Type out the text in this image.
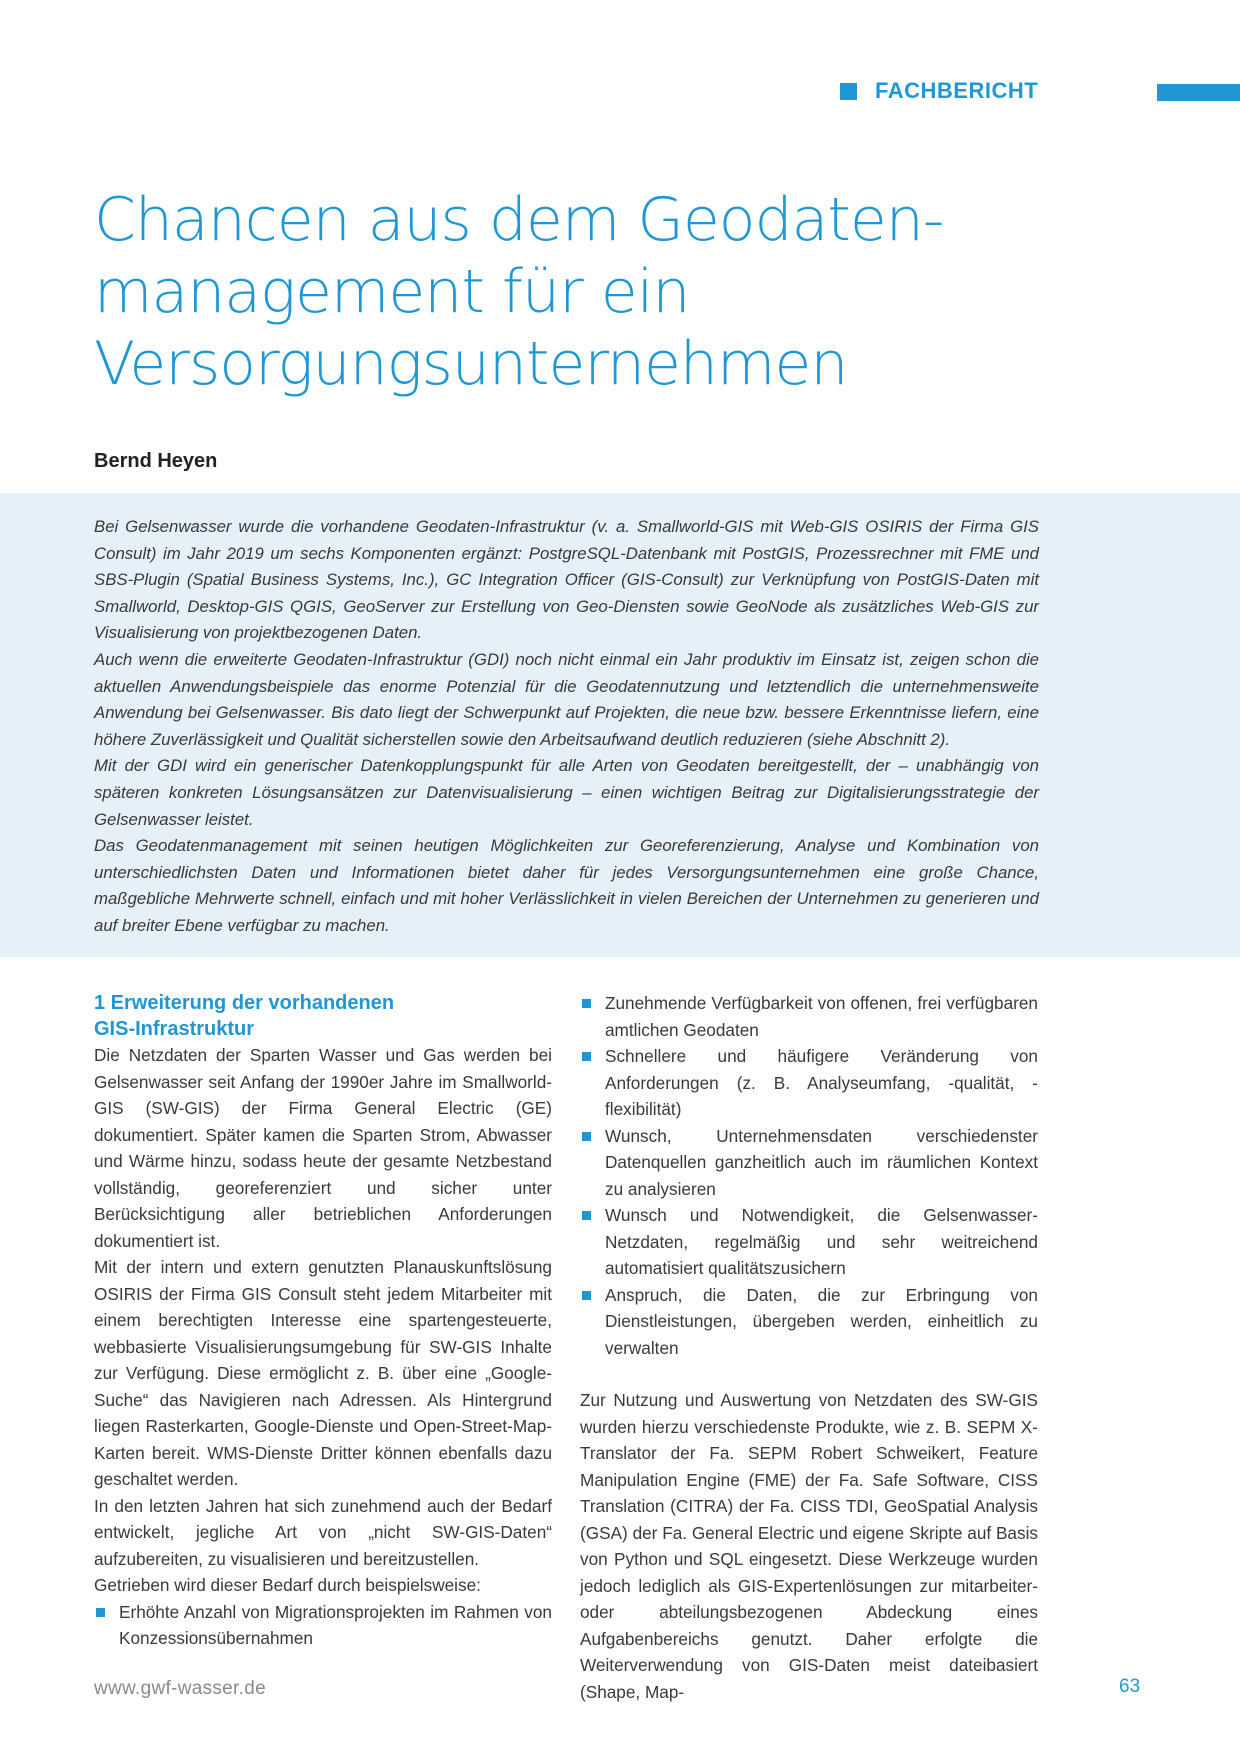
FACHBERICHT
Chancen aus dem Geodaten-
management für ein
Versorgungsunternehmen
Bernd Heyen

Bei Gelsenwasser wurde die vorhandene Geodaten-Infrastruktur (v. a. Smallworld-GIS mit Web-GIS OSIRIS der Firma GIS Consult) im Jahr 2019 um sechs Komponenten ergänzt: PostgreSQL-Datenbank mit PostGIS, Prozessrechner mit FME und SBS-Plugin (Spatial Business Systems, Inc.), GC Integration Officer (GIS-Consult) zur Verknüpfung von PostGIS-Daten mit Smallworld, Desktop-GIS QGIS, GeoServer zur Erstellung von Geo-Diensten sowie GeoNode als zusätzliches Web-GIS zur Visualisierung von projektbezogenen Daten.

Auch wenn die erweiterte Geodaten-Infrastruktur (GDI) noch nicht einmal ein Jahr produktiv im Einsatz ist, zeigen schon die aktuellen Anwendungsbeispiele das enorme Potenzial für die Geodatennutzung und letztendlich die unternehmensweite Anwendung bei Gelsenwasser. Bis dato liegt der Schwerpunkt auf Projekten, die neue bzw. bessere Erkenntnisse liefern, eine höhere Zuverlässigkeit und Qualität sicherstellen sowie den Arbeitsaufwand deutlich reduzieren (siehe Abschnitt 2).

Mit der GDI wird ein generischer Datenkopplungspunkt für alle Arten von Geodaten bereitgestellt, der – unabhängig von späteren konkreten Lösungsansätzen zur Datenvisualisierung – einen wichtigen Beitrag zur Digitalisierungsstrategie der Gelsenwasser leistet.

Das Geodatenmanagement mit seinen heutigen Möglichkeiten zur Georeferenzierung, Analyse und Kombination von unterschiedlichsten Daten und Informationen bietet daher für jedes Versorgungsunternehmen eine große Chance, maßgebliche Mehrwerte schnell, einfach und mit hoher Verlässlichkeit in vielen Bereichen der Unternehmen zu generieren und auf breiter Ebene verfügbar zu machen.

1 Erweiterung der vorhandenen
GIS-Infrastruktur

Die Netzdaten der Sparten Wasser und Gas werden bei Gelsenwasser seit Anfang der 1990er Jahre im Smallworld-GIS (SW-GIS) der Firma General Electric (GE) dokumentiert. Später kamen die Sparten Strom, Abwasser und Wärme hinzu, sodass heute der gesamte Netzbestand vollständig, georeferenziert und sicher unter Berücksichtigung aller betrieblichen Anforderungen dokumentiert ist.

Mit der intern und extern genutzten Planauskunftslösung OSIRIS der Firma GIS Consult steht jedem Mitarbeiter mit einem berechtigten Interesse eine spartengesteuerte, webbasierte Visualisierungsumgebung für SW-GIS Inhalte zur Verfügung. Diese ermöglicht z. B. über eine „Google-Suche“ das Navigieren nach Adressen. Als Hintergrund liegen Rasterkarten, Google-Dienste und Open-Street-Map-Karten bereit. WMS-Dienste Dritter können ebenfalls dazu geschaltet werden.

In den letzten Jahren hat sich zunehmend auch der Bedarf entwickelt, jegliche Art von „nicht SW-GIS-Daten“ aufzubereiten, zu visualisieren und bereitzustellen.

Getrieben wird dieser Bedarf durch beispielsweise:

Erhöhte Anzahl von Migrationsprojekten im Rahmen von Konzessionsübernahmen
Zunehmende Verfügbarkeit von offenen, frei verfügbaren amtlichen Geodaten
Schnellere und häufigere Veränderung von Anforderungen (z. B. Analyseumfang, -qualität, -flexibilität)
Wunsch, Unternehmensdaten verschiedenster Datenquellen ganzheitlich auch im räumlichen Kontext zu analysieren
Wunsch und Notwendigkeit, die Gelsenwasser-Netzdaten, regelmäßig und sehr weitreichend automatisiert qualitätszusichern
Anspruch, die Daten, die zur Erbringung von Dienstleistungen, übergeben werden, einheitlich zu verwalten

Zur Nutzung und Auswertung von Netzdaten des SW-GIS wurden hierzu verschiedenste Produkte, wie z. B. SEPM X-Translator der Fa. SEPM Robert Schweikert, Feature Manipulation Engine (FME) der Fa. Safe Software, CISS Translation (CITRA) der Fa. CISS TDI, GeoSpatial Analysis (GSA) der Fa. General Electric und eigene Skripte auf Basis von Python und SQL eingesetzt. Diese Werkzeuge wurden jedoch lediglich als GIS-Expertenlösungen zur mitarbeiter- oder abteilungsbezogenen Abdeckung eines Aufgabenbereichs genutzt. Daher erfolgte die Weiterverwendung von GIS-Daten meist dateibasiert (Shape, Map-

www.gwf-wasser.de	63
